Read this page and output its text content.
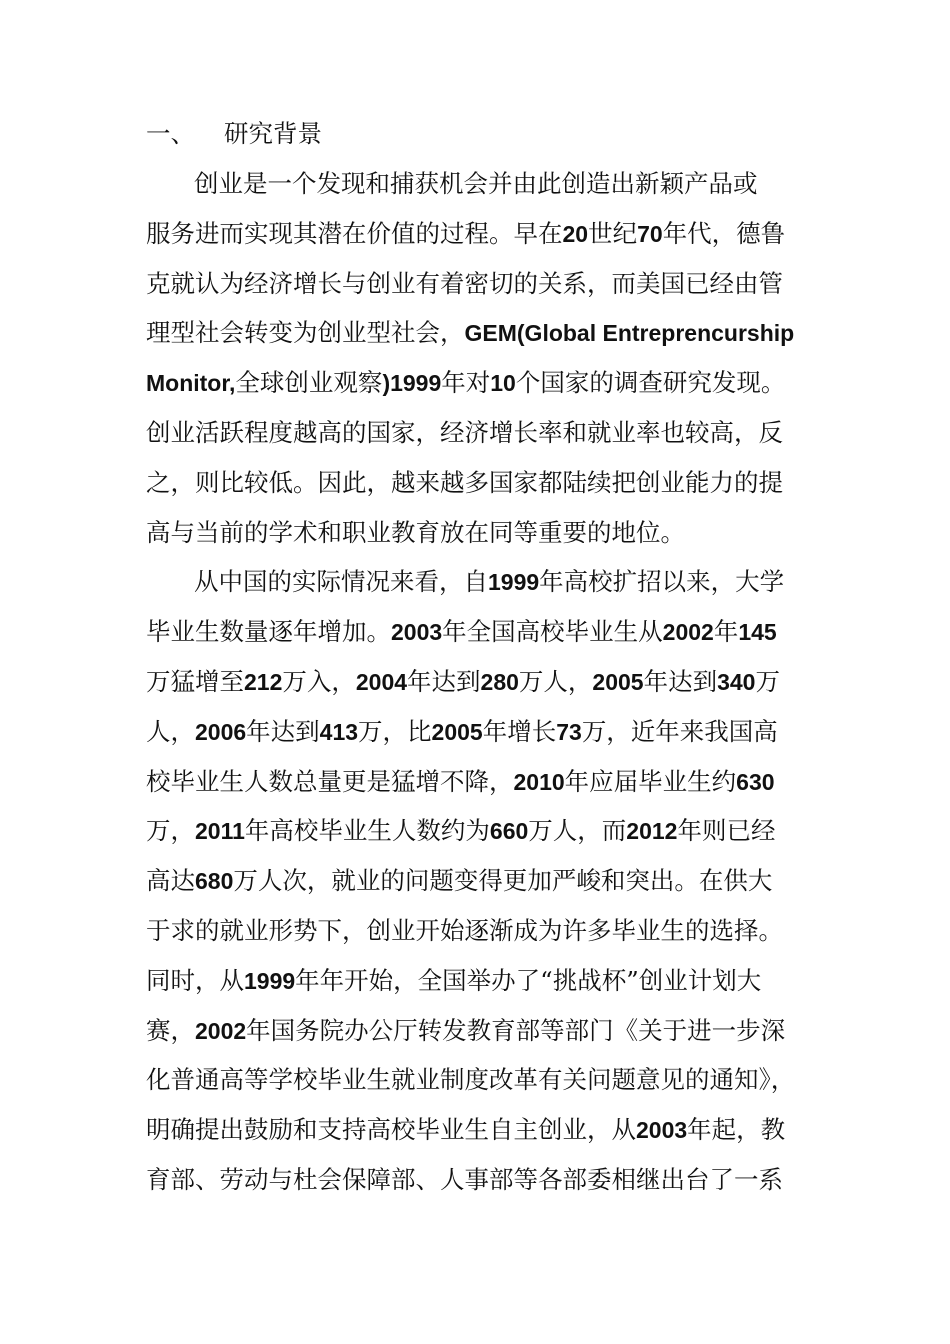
一、 研究背景
创业是一个发现和捕获机会并由此创造出新颖产品或
服务进而实现其潜在价值的过程。早在20世纪70年代，德鲁
克就认为经济增长与创业有着密切的关系，而美国已经由管
理型社会转变为创业型社会，GEM(Global Entreprencurship
Monitor,全球创业观察)1999年对10个国家的调查研究发现。
创业活跃程度越高的国家，经济增长率和就业率也较高，反
之，则比较低。因此，越来越多国家都陆续把创业能力的提
高与当前的学术和职业教育放在同等重要的地位。
从中国的实际情况来看，自1999年高校扩招以来，大学
毕业生数量逐年增加。2003年全国高校毕业生从2002年145
万猛增至212万入，2004年达到280万人，2005年达到340万
人，2006年达到413万，比2005年增长73万，近年来我国高
校毕业生人数总量更是猛增不降，2010年应届毕业生约630
万，2011年高校毕业生人数约为660万人，而2012年则已经
高达680万人次，就业的问题变得更加严峻和突出。在供大
于求的就业形势下，创业开始逐渐成为许多毕业生的选择。
同时，从1999年年开始，全国举办了“挑战杯”创业计划大
赛，2002年国务院办公厅转发教育部等部门《关于进一步深
化普通高等学校毕业生就业制度改革有关问题意见的通知》，
明确提出鼓励和支持高校毕业生自主创业，从2003年起，教
育部、劳动与杜会保障部、人事部等各部委相继出台了一系
